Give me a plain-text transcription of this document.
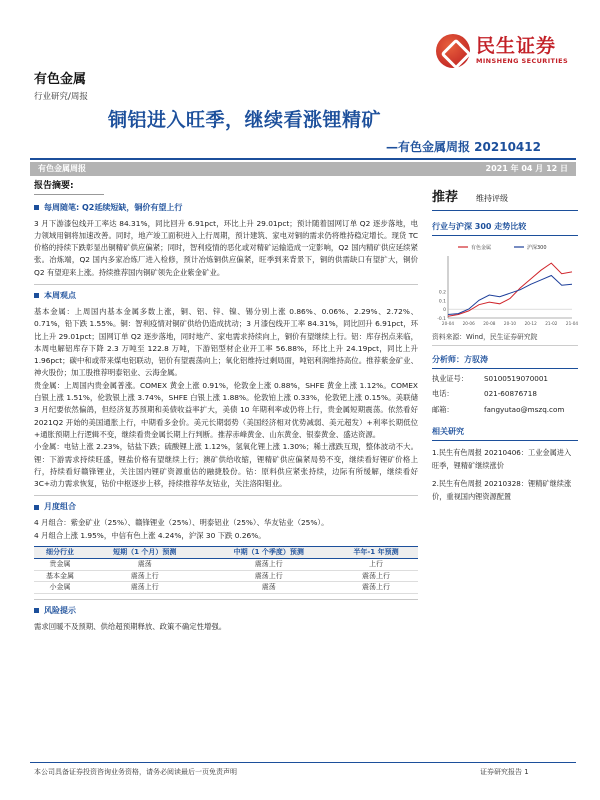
民生证券
MINSHENG SECURITIES
有色金属
行业研究/周报
铜铝进入旺季，继续看涨锂精矿
—有色金属周报 20210412
有色金属周报	2021 年 04 月 12 日
报告摘要:
每周随笔: Q2延续短缺，铜价有望上行

3 月下游漆包线开工率达 84.31%，同比回升 6.91pct，环比上升 29.01pct；预计随着国网订单 Q2 逐步落地，电力领域用铜将加速改善。同时，地产竣工面积进入上行周期，预计建筑、家电对铜的需求仍将维持稳定增长。现货 TC 价格的持续下跌彰显出铜精矿供应偏紧；同时，智利疫情的恶化或对精矿运输造成一定影响，Q2 国内精矿供应延续紧张。冶炼端，Q2 国内多家冶炼厂进入检修，预计冶炼铜供应偏紧，旺季到来背景下，铜的供需缺口有望扩大，铜价 Q2 有望迎来上涨。持续推荐国内铜矿领先企业紫金矿业。

本周观点

基本金属：上周国内基本金属多数上涨，铜、铝、锌、镍、锡分别上涨 0.86%、0.06%、2.29%、2.72%、0.71%，铅下跌 1.55%。铜：智利疫情对铜矿供给仍造成扰动；3 月漆包线开工率 84.31%，同比回升 6.91pct，环比上升 29.01pct；国网订单 Q2 逐步落地，同时地产、家电需求持续向上，铜价有望继续上行。铝：库存拐点来临，本周电解铝库存下降 2.3 万吨至 122.8 万吨，下游铝型材企业开工率 56.88%，环比上升 24.19pct，同比上升 1.96pct；碳中和或带来煤电铝联动，铝价有望震荡向上；氧化铝维持过剩局面，吨铝利润维持高位。推荐紫金矿业、神火股份；加工股推荐明泰铝业、云海金属。

贵金属：上周国内贵金属普涨。COMEX 黄金上涨 0.91%，伦敦金上涨 0.88%，SHFE 黄金上涨 1.12%。COMEX 白银上涨 1.51%，伦敦银上涨 3.74%，SHFE 白银上涨 1.88%。伦敦铂上涨 0.33%，伦敦钯上涨 0.15%。美联储 3 月纪要依然偏鸽，但经济复苏预期和美债收益率扩大，美债 10 年期利率或仍将上行，贵金属短期震荡。依然看好 2021Q2 开始的美国通胀上行，中期看多金价。美元长期弱势（美国经济相对优势减弱、美元超发）+利率长期低位+通胀预期上行逻辑不变，继续看贵金属长期上行判断。推荐赤峰黄金、山东黄金、银泰黄金、盛达资源。

小金属：电钴上涨 2.23%，钴盐下跌；硫酸锂上涨 1.12%，氢氧化锂上涨 1.30%；稀土涨跌互现，整体波动不大。锂：下游需求持续旺盛，锂盐价格有望继续上行；澳矿供给收缩，锂精矿供应偏紧局势不变，继续看好锂矿价格上行，持续看好赣锋锂业，关注国内锂矿资源重估的融捷股份。钴：原料供应紧张持续，边际有所缓解，继续看好 3C+动力需求恢复，钴价中枢逐步上移，持续推荐华友钴业，关注洛阳钼业。

月度组合

4 月组合：紫金矿业（25%）、赣锋锂业（25%）、明泰铝业（25%）、华友钴业（25%）。

4 月组合上涨 1.95%，中信有色上涨 4.24%，沪深 30 下跌 0.26%。

细分行业	短期（1 个月）预测	中期（1 个季度）预测	半年-1 年预测
贵金属	震荡	震荡上行	上行
基本金属	震荡上行	震荡上行	震荡上行
小金属	震荡上行	震荡	震荡上行
风险提示

需求回暖不及预期、供给超预期释放、政策不确定性增强。

推荐 维持评级
行业与沪深 300 走势比较
0.2
0.1
0
-0.1
20-04 20-06 20-08 20-10 20-12 21-02 21-04
有色金属	沪深300
资料来源：Wind，民生证券研究院
分析师：方驭涛
执业证号：	S0100519070001
电话：	021-60876718
邮箱：	fangyutao@mszq.com
相关研究
1.民生有色周报 20210406：工业金属进入旺季，锂精矿继续涨价
2.民生有色周报 20210328：锂精矿继续涨价，重视国内锂资源配置
本公司具备证券投资咨询业务资格，请务必阅读最后一页免责声明	证券研究报告 1
